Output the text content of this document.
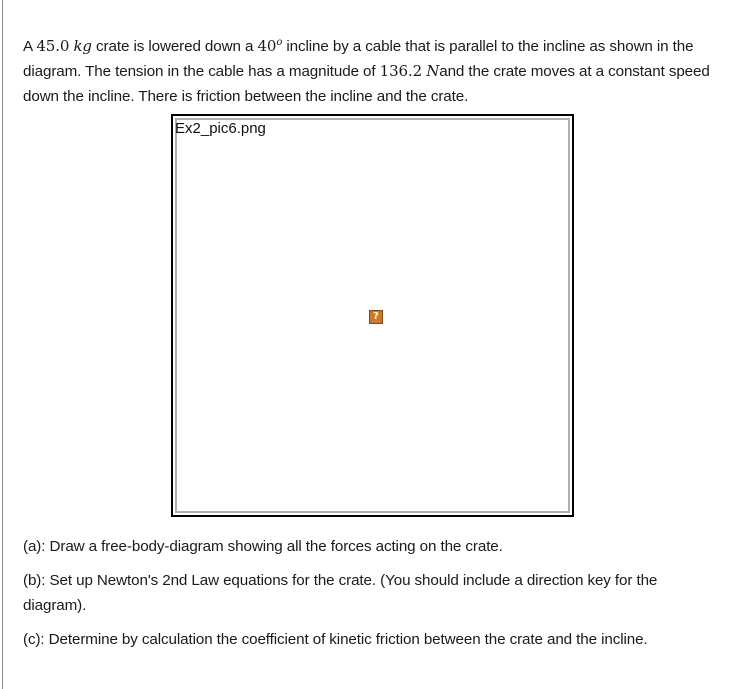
A 45.0 kg crate is lowered down a 40$^o$ incline by a cable that is parallel to the incline as shown in the diagram. The tension in the cable has a magnitude of 136.2 Nand the crate moves at a constant speed down the incline. There is friction between the incline and the crate.

Ex2_pic6.png
?
(a): Draw a free-body-diagram showing all the forces acting on the crate.
(b): Set up Newton's 2nd Law equations for the crate. (You should include a direction key for the diagram).
(c): Determine by calculation the coefficient of kinetic friction between the crate and the incline.
